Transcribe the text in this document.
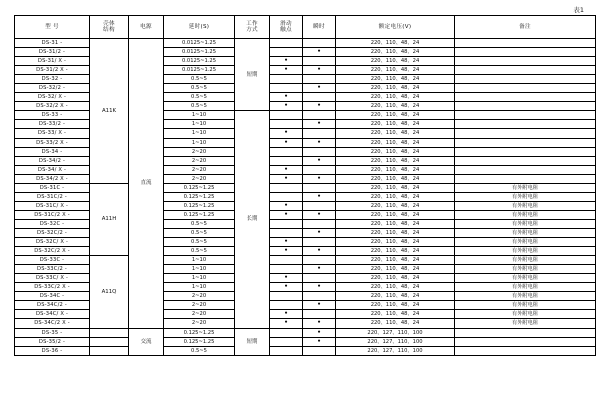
表1
型 号	壳体
结构	电源	延时(S)	工作
方式	滑动
触点	瞬时	额定电压(V)	备注
DS-31 -	A11K	直流	0.0125~1.25	短期			220、110、48、24	
DS-31/2 -			0.0125~1.25			•	220、110、48、24	
DS-31/ X -			0.0125~1.25		•		220、110、48、24	
DS-31/2 X -			0.0125~1.25		•	•	220、110、48、24	
DS-32 -			0.5~5				220、110、48、24	
DS-32/2 -			0.5~5			•	220、110、48、24	
DS-32/ X -			0.5~5		•		220、110、48、24	
DS-32/2 X -			0.5~5		•	•	220、110、48、24	
DS-33 -			1~10	长期			220、110、48、24	
DS-33/2 -			1~10			•	220、110、48、24	
DS-33/ X -			1~10		•		220、110、48、24	
DS-33/2 X -			1~10		•	•	220、110、48、24	
DS-34 -			2~20				220、110、48、24	
DS-34/2 -			2~20			•	220、110、48、24	
DS-34/ X -			2~20		•		220、110、48、24	
DS-34/2 X -			2~20		•	•	220、110、48、24	
DS-31C -	A11H		0.125~1.25				220、110、48、24	有外附电阻
DS-31C/2 -			0.125~1.25			•	220、110、48、24	有外附电阻
DS-31C/ X -			0.125~1.25		•		220、110、48、24	有外附电阻
DS-31C/2 X -			0.125~1.25		•	•	220、110、48、24	有外附电阻
DS-32C -			0.5~5				220、110、48、24	有外附电阻
DS-32C/2 -			0.5~5			•	220、110、48、24	有外附电阻
DS-32C/ X -			0.5~5		•		220、110、48、24	有外附电阻
DS-32C/2 X -			0.5~5		•	•	220、110、48、24	有外附电阻
DS-33C -	A11Q		1~10				220、110、48、24	有外附电阻
DS-33C/2 -			1~10			•	220、110、48、24	有外附电阻
DS-33C/ X -			1~10		•		220、110、48、24	有外附电阻
DS-33C/2 X -			1~10		•	•	220、110、48、24	有外附电阻
DS-34C -			2~20				220、110、48、24	有外附电阻
DS-34C/2 -			2~20			•	220、110、48、24	有外附电阻
DS-34C/ X -			2~20		•		220、110、48、24	有外附电阻
DS-34C/2 X -			2~20		•	•	220、110、48、24	有外附电阻
DS-35 -		交流	0.125~1.25	短期		•	220、127、110、100	
DS-35/2 -			0.125~1.25			•	220、127、110、100	
DS-36 -			0.5~5				220、127、110、100	
